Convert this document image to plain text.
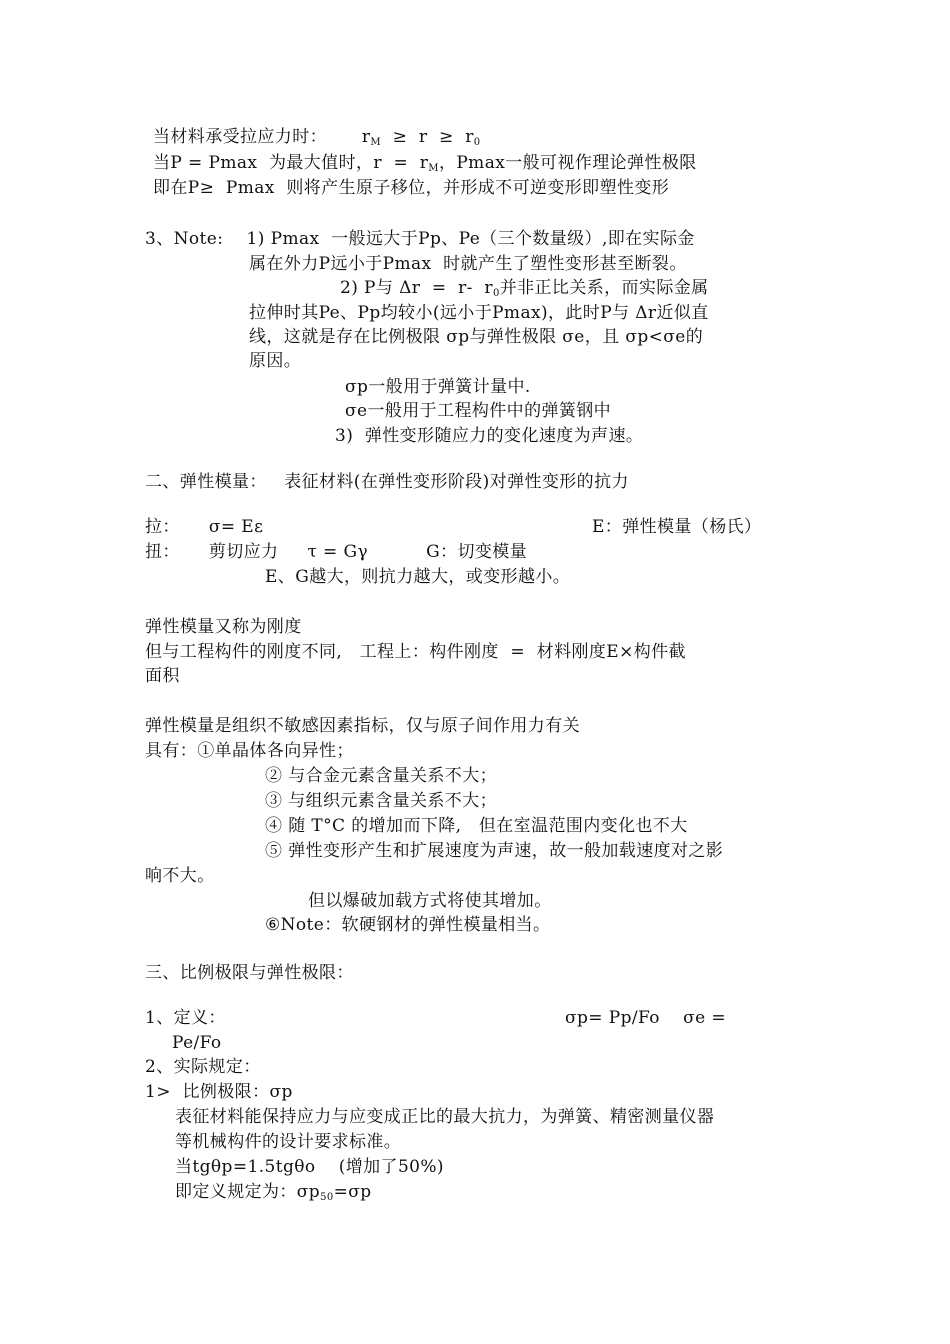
当材料承受拉应力时：      $r_M \ge r \ge r_0$
当P = Pmax  为最大值时，$r = r_M$，Pmax一般可视作理论弹性极限
即在P≥  Pmax  则将产生原子移位，并形成不可逆变形即塑性变形
3、Note:    1) Pmax  一般远大于Pp、Pe（三个数量级）,即在实际金
属在外力P远小于Pmax  时就产生了塑性变形甚至断裂。
2) P与 Δr  =  r-  $r_0$并非正比关系，而实际金属
拉伸时其Pe、Pp均较小(远小于Pmax)，此时P与 Δr近似直
线，这就是存在比例极限 σp与弹性极限 σe，且 σp<σe的
原因。
σp一般用于弹簧计量中.
σe一般用于工程构件中的弹簧钢中
3)  弹性变形随应力的变化速度为声速。
二、弹性模量：   表征材料(在弹性变形阶段)对弹性变形的抗力
拉：     σ= Eε	E：弹性模量（杨氏）
扭：     剪切应力     τ = Gγ          G：切变模量
E、G越大，则抗力越大，或变形越小。
弹性模量又称为刚度
但与工程构件的刚度不同,   工程上：构件刚度  =  材料刚度E×构件截
面积
弹性模量是组织不敏感因素指标，仅与原子间作用力有关
具有：①单晶体各向异性；
② 与合金元素含量关系不大；
③ 与组织元素含量关系不大；
④ 随 T°C 的增加而下降,   但在室温范围内变化也不大
⑤ 弹性变形产生和扩展速度为声速，故一般加载速度对之影
响不大。
但以爆破加载方式将使其增加。
⑥Note：软硬钢材的弹性模量相当。
三、比例极限与弹性极限：
1、定义：	σp= Pp/Fo    σe =
Pe/Fo
2、实际规定：
1>  比例极限：σp
表征材料能保持应力与应变成正比的最大抗力，为弹簧、精密测量仪器
等机械构件的设计要求标准。
当tgθp=1.5tgθo    (增加了50%)
即定义规定为：$\sigma p_{50}=\sigma p$
